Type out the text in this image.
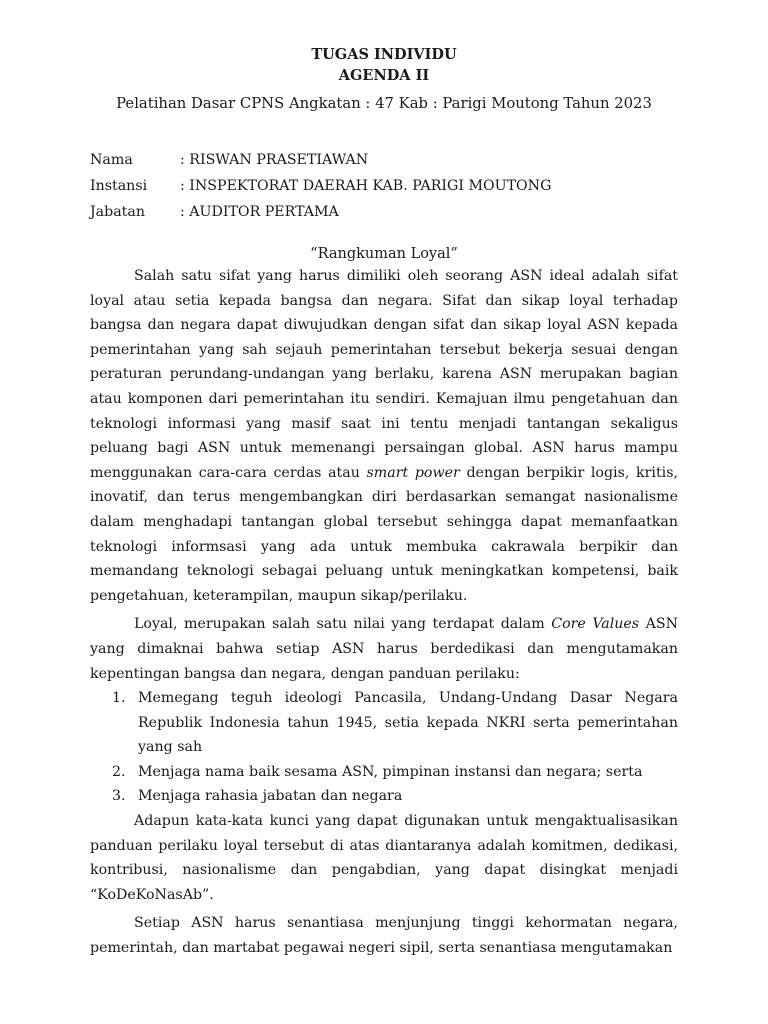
TUGAS INDIVIDU
AGENDA II
Pelatihan Dasar CPNS Angkatan : 47 Kab : Parigi Moutong Tahun 2023
Nama	: RISWAN PRASETIAWAN
Instansi : INSPEKTORAT DAERAH KAB. PARIGI MOUTONG
Jabatan : AUDITOR PERTAMA
“Rangkuman Loyal”

Salah satu sifat yang harus dimiliki oleh seorang ASN ideal adalah sifat loyal atau setia kepada bangsa dan negara. Sifat dan sikap loyal terhadap bangsa dan negara dapat diwujudkan dengan sifat dan sikap loyal ASN kepada pemerintahan yang sah sejauh pemerintahan tersebut bekerja sesuai dengan peraturan perundang-undangan yang berlaku, karena ASN merupakan bagian atau komponen dari pemerintahan itu sendiri. Kemajuan ilmu pengetahuan dan teknologi informasi yang masif saat ini tentu menjadi tantangan sekaligus peluang bagi ASN untuk memenangi persaingan global. ASN harus mampu menggunakan cara-cara cerdas atau smart power dengan berpikir logis, kritis, inovatif, dan terus mengembangkan diri berdasarkan semangat nasionalisme dalam menghadapi tantangan global tersebut sehingga dapat memanfaatkan teknologi informsasi yang ada untuk membuka cakrawala berpikir dan memandang teknologi sebagai peluang untuk meningkatkan kompetensi, baik pengetahuan, keterampilan, maupun sikap/perilaku.

Loyal, merupakan salah satu nilai yang terdapat dalam Core Values ASN yang dimaknai bahwa setiap ASN harus berdedikasi dan mengutamakan kepentingan bangsa dan negara, dengan panduan perilaku:

1. Memegang teguh ideologi Pancasila, Undang-Undang Dasar Negara Republik Indonesia tahun 1945, setia kepada NKRI serta pemerintahan yang sah
2. Menjaga nama baik sesama ASN, pimpinan instansi dan negara; serta
3. Menjaga rahasia jabatan dan negara

Adapun kata-kata kunci yang dapat digunakan untuk mengaktualisasikan panduan perilaku loyal tersebut di atas diantaranya adalah komitmen, dedikasi, kontribusi, nasionalisme dan pengabdian, yang dapat disingkat menjadi “KoDeKoNasAb”.

Setiap ASN harus senantiasa menjunjung tinggi kehormatan negara, pemerintah, dan martabat pegawai negeri sipil, serta senantiasa mengutamakan
